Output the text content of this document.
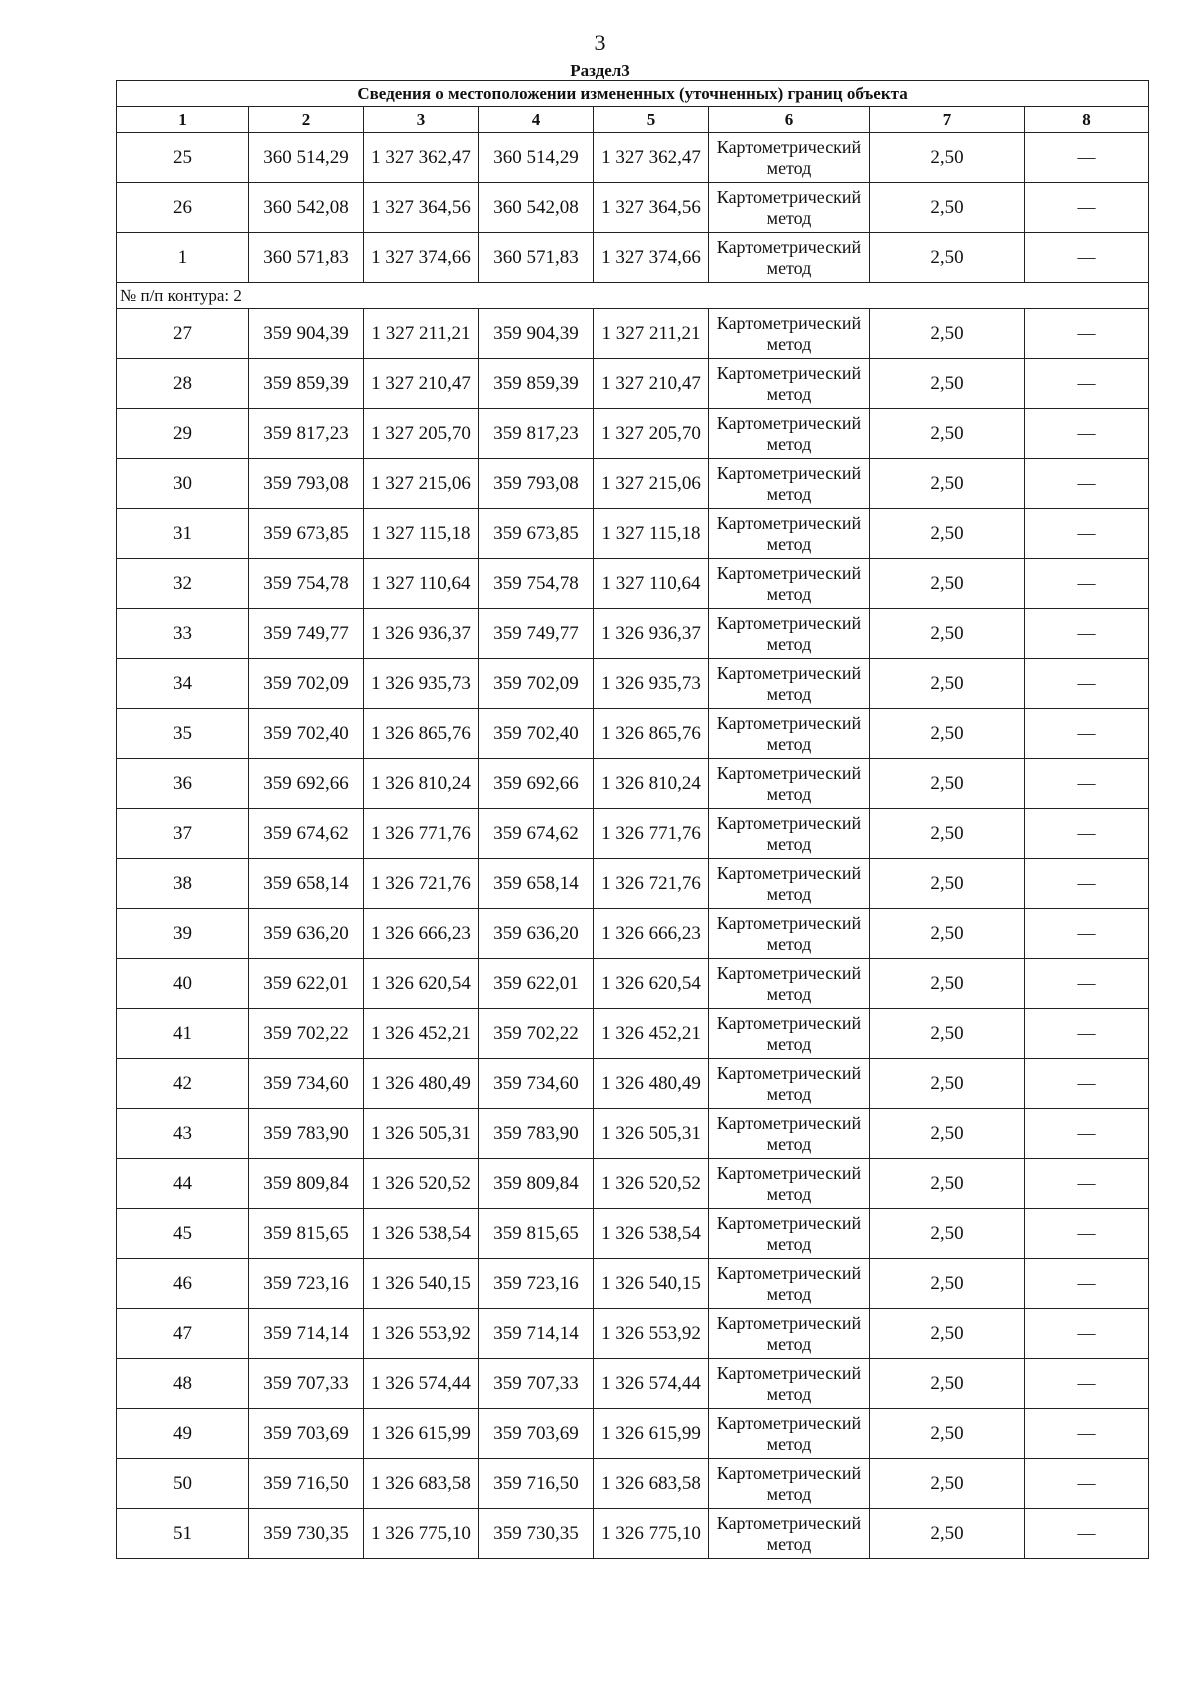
3
Раздел3
Сведения о местоположении измененных (уточненных) границ объекта							
1	2	3	4	5	6	7	8
25	360 514,29	1 327 362,47	360 514,29	1 327 362,47	Картометрический метод	2,50	—
26	360 542,08	1 327 364,56	360 542,08	1 327 364,56	Картометрический метод	2,50	—
1	360 571,83	1 327 374,66	360 571,83	1 327 374,66	Картометрический метод	2,50	—
№ п/п контура: 2							
27	359 904,39	1 327 211,21	359 904,39	1 327 211,21	Картометрический метод	2,50	—
28	359 859,39	1 327 210,47	359 859,39	1 327 210,47	Картометрический метод	2,50	—
29	359 817,23	1 327 205,70	359 817,23	1 327 205,70	Картометрический метод	2,50	—
30	359 793,08	1 327 215,06	359 793,08	1 327 215,06	Картометрический метод	2,50	—
31	359 673,85	1 327 115,18	359 673,85	1 327 115,18	Картометрический метод	2,50	—
32	359 754,78	1 327 110,64	359 754,78	1 327 110,64	Картометрический метод	2,50	—
33	359 749,77	1 326 936,37	359 749,77	1 326 936,37	Картометрический метод	2,50	—
34	359 702,09	1 326 935,73	359 702,09	1 326 935,73	Картометрический метод	2,50	—
35	359 702,40	1 326 865,76	359 702,40	1 326 865,76	Картометрический метод	2,50	—
36	359 692,66	1 326 810,24	359 692,66	1 326 810,24	Картометрический метод	2,50	—
37	359 674,62	1 326 771,76	359 674,62	1 326 771,76	Картометрический метод	2,50	—
38	359 658,14	1 326 721,76	359 658,14	1 326 721,76	Картометрический метод	2,50	—
39	359 636,20	1 326 666,23	359 636,20	1 326 666,23	Картометрический метод	2,50	—
40	359 622,01	1 326 620,54	359 622,01	1 326 620,54	Картометрический метод	2,50	—
41	359 702,22	1 326 452,21	359 702,22	1 326 452,21	Картометрический метод	2,50	—
42	359 734,60	1 326 480,49	359 734,60	1 326 480,49	Картометрический метод	2,50	—
43	359 783,90	1 326 505,31	359 783,90	1 326 505,31	Картометрический метод	2,50	—
44	359 809,84	1 326 520,52	359 809,84	1 326 520,52	Картометрический метод	2,50	—
45	359 815,65	1 326 538,54	359 815,65	1 326 538,54	Картометрический метод	2,50	—
46	359 723,16	1 326 540,15	359 723,16	1 326 540,15	Картометрический метод	2,50	—
47	359 714,14	1 326 553,92	359 714,14	1 326 553,92	Картометрический метод	2,50	—
48	359 707,33	1 326 574,44	359 707,33	1 326 574,44	Картометрический метод	2,50	—
49	359 703,69	1 326 615,99	359 703,69	1 326 615,99	Картометрический метод	2,50	—
50	359 716,50	1 326 683,58	359 716,50	1 326 683,58	Картометрический метод	2,50	—
51	359 730,35	1 326 775,10	359 730,35	1 326 775,10	Картометрический метод	2,50	—
